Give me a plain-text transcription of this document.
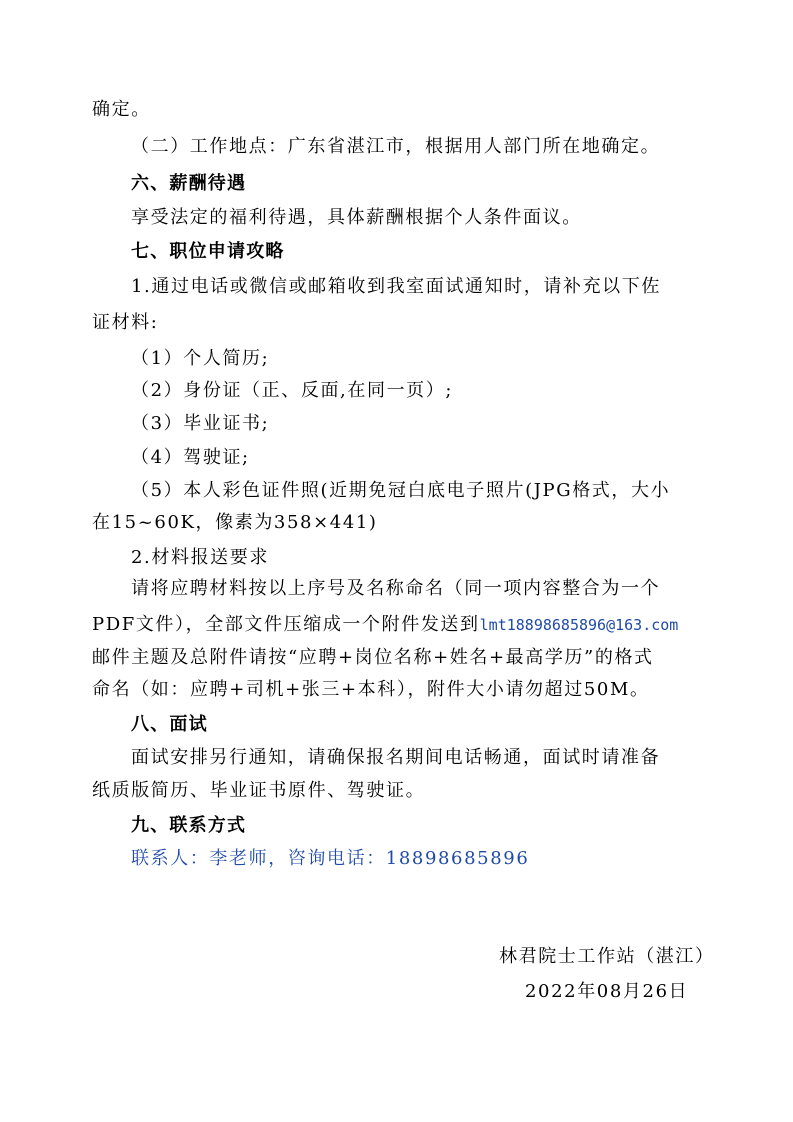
确定。
（二）工作地点：广东省湛江市，根据用人部门所在地确定。
六、薪酬待遇
享受法定的福利待遇，具体薪酬根据个人条件面议。
七、职位申请攻略
1.通过电话或微信或邮箱收到我室面试通知时，请补充以下佐
证材料:
（1）个人简历;
（2）身份证（正、反面,在同一页）;
（3）毕业证书;
（4）驾驶证;
（5）本人彩色证件照(近期免冠白底电子照片(JPG格式，大小
在15~60K，像素为358×441)
2.材料报送要求
请将应聘材料按以上序号及名称命名（同一项内容整合为一个
PDF文件），全部文件压缩成一个附件发送到lmt18898685896@163.com
邮件主题及总附件请按“应聘+岗位名称+姓名+最高学历”的格式
命名（如：应聘+司机+张三+本科），附件大小请勿超过50M。
八、面试
面试安排另行通知，请确保报名期间电话畅通，面试时请准备
纸质版简历、毕业证书原件、驾驶证。
九、联系方式
联系人：李老师，咨询电话：18898685896
林君院士工作站（湛江）
2022年08月26日
